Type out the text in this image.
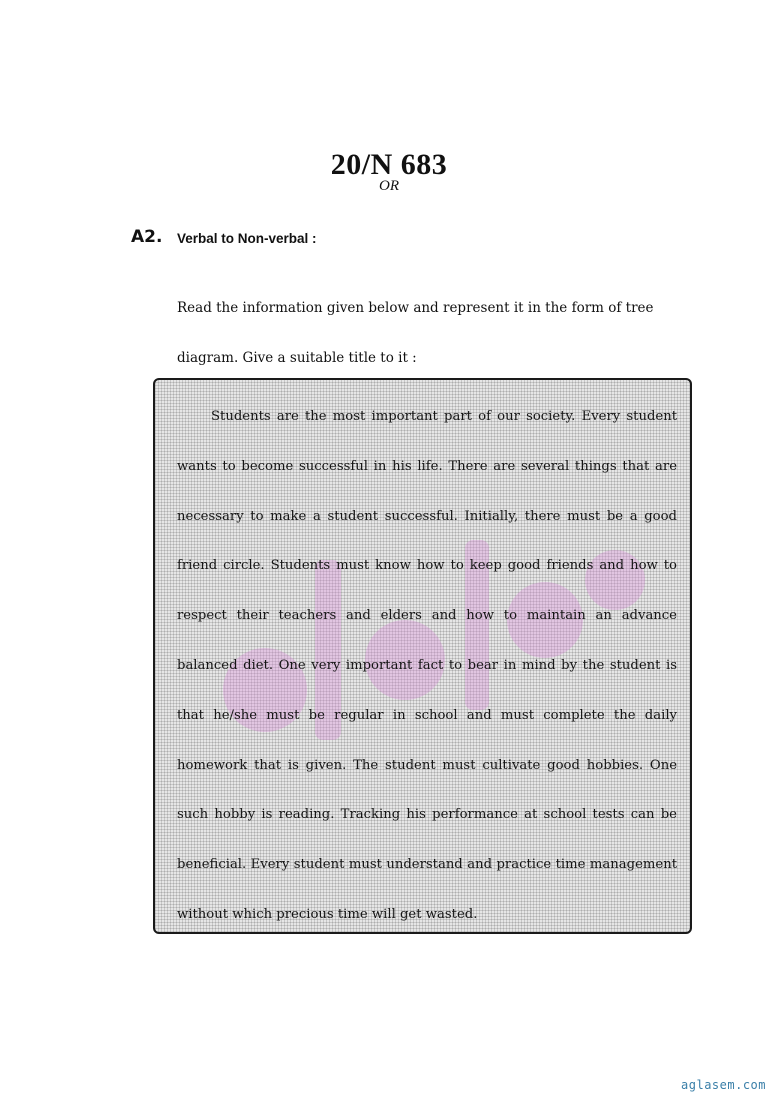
20/N 683
OR
A2. Verbal to Non-verbal :

Read the information given below and represent it in the form of tree diagram. Give a suitable title to it :

Students are the most important part of our society. Every student wants to become successful in his life. There are several things that are necessary to make a student successful. Initially, there must be a good friend circle. Students must know how to keep good friends and how to respect their teachers and elders and how to maintain an advance balanced diet. One very important fact to bear in mind by the student is that he/she must be regular in school and must complete the daily homework that is given. The student must cultivate good hobbies. One such hobby is reading. Tracking his performance at school tests can be beneficial. Every student must understand and practice time management without which precious time will get wasted.

aglasem.com
